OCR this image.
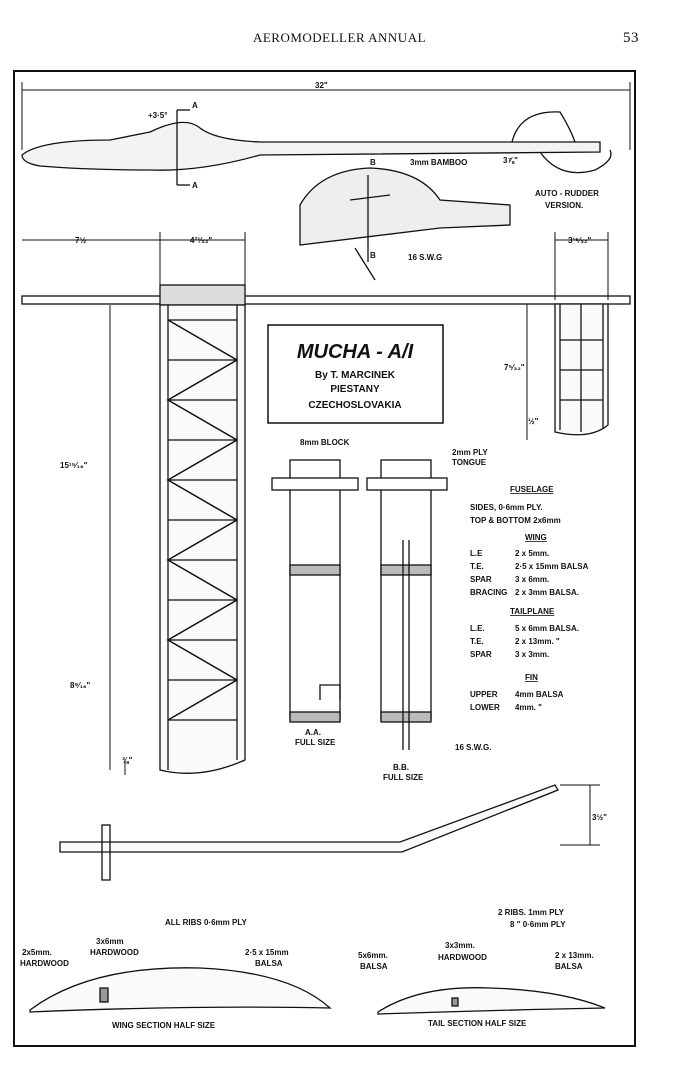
AEROMODELLER ANNUAL	53
32"
+3·5°
A
A
3⅞"
B	3mm BAMBOO
AUTO - RUDDER
VERSION.
B	16 S.W.G
7½	4²³⁄₃₂"	3¹⁵⁄₃₂"
15¹⁵⁄₁₆"
8⁹⁄₁₆"
⅜"
7⁵⁄₃₂"
½"
8mm BLOCK
2mm PLY
TONGUE
A.A.
FULL SIZE
B.B.
FULL SIZE
16 S.W.G.
FUSELAGE
SIDES, 0·6mm PLY.
TOP & BOTTOM 2x6mm
WING
L.E	2 x 5mm.
T.E.	2·5 x 15mm BALSA
SPAR	3 x 6mm.
BRACING 2 x 3mm BALSA.
TAILPLANE
L.E.	5 x 6mm BALSA.
T.E.	2 x 13mm. "
SPAR	3 x 3mm.
FIN
UPPER 4mm BALSA
LOWER 4mm. "
3½"
ALL RIBS 0·6mm PLY
2x5mm.
HARDWOOD
3x6mm
HARDWOOD	2·5 x 15mm
BALSA
WING SECTION HALF SIZE
2 RIBS. 1mm PLY
8 " 0·6mm PLY
5x6mm.
BALSA
3x3mm.
HARDWOOD	2 x 13mm.
BALSA
TAIL SECTION HALF SIZE
MUCHA - A/I
By T. MARCINEK
PIESTANY
CZECHOSLOVAKIA
